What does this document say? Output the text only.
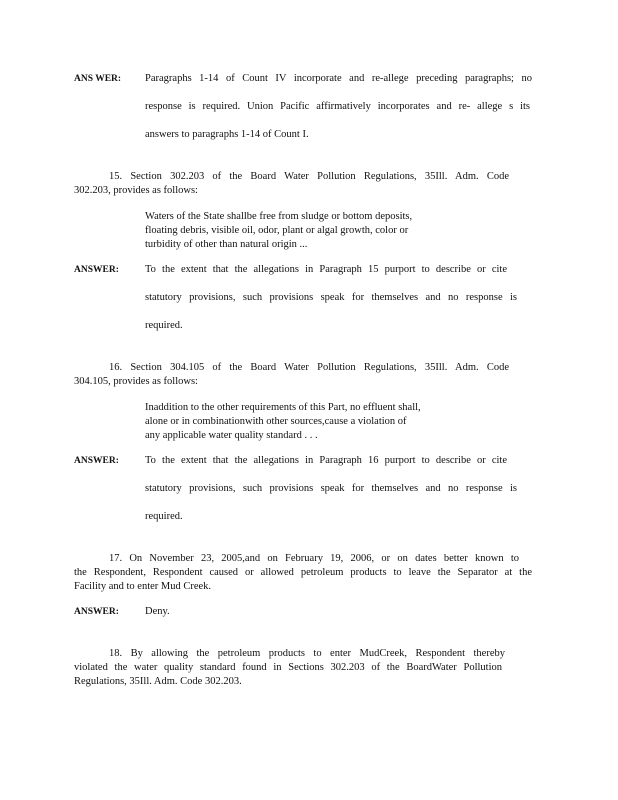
ANS WER: Paragraphs 1-14 of Count IV incorporate and re-allege preceding paragraphs; no
response is required. Union Pacific affirmatively incorporates and re- allege s its
answers to paragraphs 1-14 of Count I.
15. Section 302.203 of the Board Water Pollution Regulations, 35Ill. Adm. Code
302.203, provides as follows:
Waters of the State shallbe free from sludge or bottom deposits,
floating debris, visible oil, odor, plant or algal growth, color or
turbidity of other than natural origin ...
ANSWER: To the extent that the allegations in Paragraph 15 purport to describe or cite
statutory provisions, such provisions speak for themselves and no response is
required.
16. Section 304.105 of the Board Water Pollution Regulations, 35Ill. Adm. Code
304.105, provides as follows:
Inaddition to the other requirements of this Part, no effluent shall,
alone or in combinationwith other sources,cause a violation of
any applicable water quality standard . . .
ANSWER: To the extent that the allegations in Paragraph 16 purport to describe or cite
statutory provisions, such provisions speak for themselves and no response is
required.
17. On November 23, 2005,and on February 19, 2006, or on dates better known to
the Respondent, Respondent caused or allowed petroleum products to leave the Separator at the
Facility and to enter Mud Creek.
ANSWER: Deny.
18. By allowing the petroleum products to enter MudCreek, Respondent thereby
violated the water quality standard found in Sections 302.203 of the BoardWater Pollution
Regulations, 35Ill. Adm. Code 302.203.
